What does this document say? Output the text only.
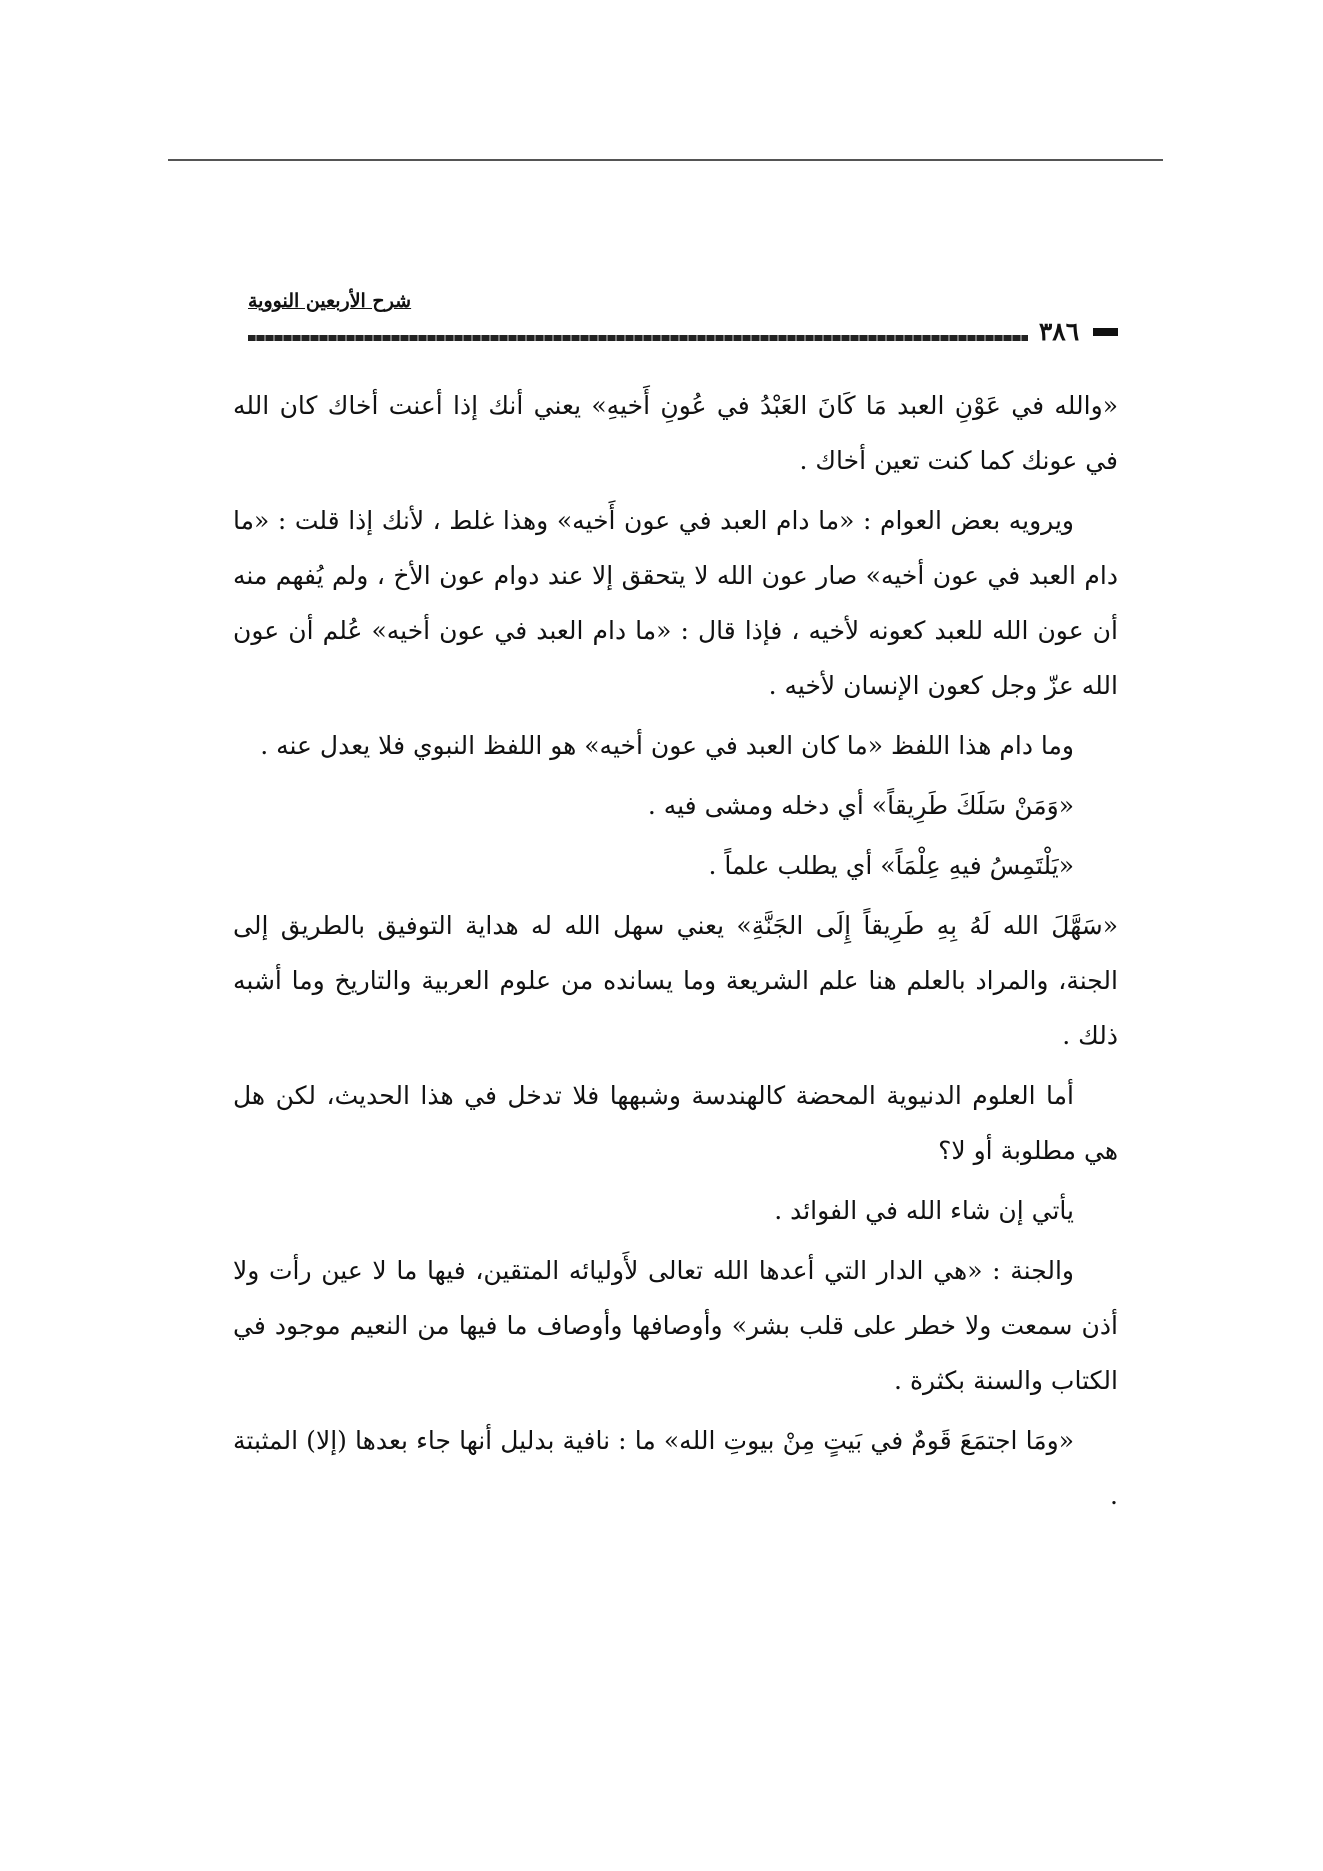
شرح الأربعين النووية
٣٨٦

«والله في عَوْنِ العبد مَا كَانَ العَبْدُ في عُونِ أَخيهِ» يعني أنك إذا أعنت أخاك كان الله في عونك كما كنت تعين أخاك .

ويرويه بعض العوام : «ما دام العبد في عون أَخيه» وهذا غلط ، لأنك إذا قلت : «ما دام العبد في عون أخيه» صار عون الله لا يتحقق إلا عند دوام عون الأخ ، ولم يُفهم منه أن عون الله للعبد كعونه لأخيه ، فإذا قال : «ما دام العبد في عون أخيه» عُلم أن عون الله عزّ وجل كعون الإنسان لأخيه .

وما دام هذا اللفظ «ما كان العبد في عون أخيه» هو اللفظ النبوي فلا يعدل عنه .

«وَمَنْ سَلَكَ طَرِيقاً» أي دخله ومشى فيه .

«يَلْتَمِسُ فيهِ عِلْمَاً» أي يطلب علماً .

«سَهَّلَ الله لَهُ بِهِ طَرِيقاً إِلَى الجَنَّةِ» يعني سهل الله له هداية التوفيق بالطريق إلى الجنة، والمراد بالعلم هنا علم الشريعة وما يسانده من علوم العربية والتاريخ وما أشبه ذلك .

أما العلوم الدنيوية المحضة كالهندسة وشبهها فلا تدخل في هذا الحديث، لكن هل هي مطلوبة أو لا؟

يأتي إن شاء الله في الفوائد .

والجنة : «هي الدار التي أعدها الله تعالى لأَوليائه المتقين، فيها ما لا عين رأت ولا أذن سمعت ولا خطر على قلب بشر» وأوصافها وأوصاف ما فيها من النعيم موجود في الكتاب والسنة بكثرة .

«ومَا اجتمَعَ قَومٌ في بَيتٍ مِنْ بيوتِ الله» ما : نافية بدليل أنها جاء بعدها (إلا) المثبتة .
